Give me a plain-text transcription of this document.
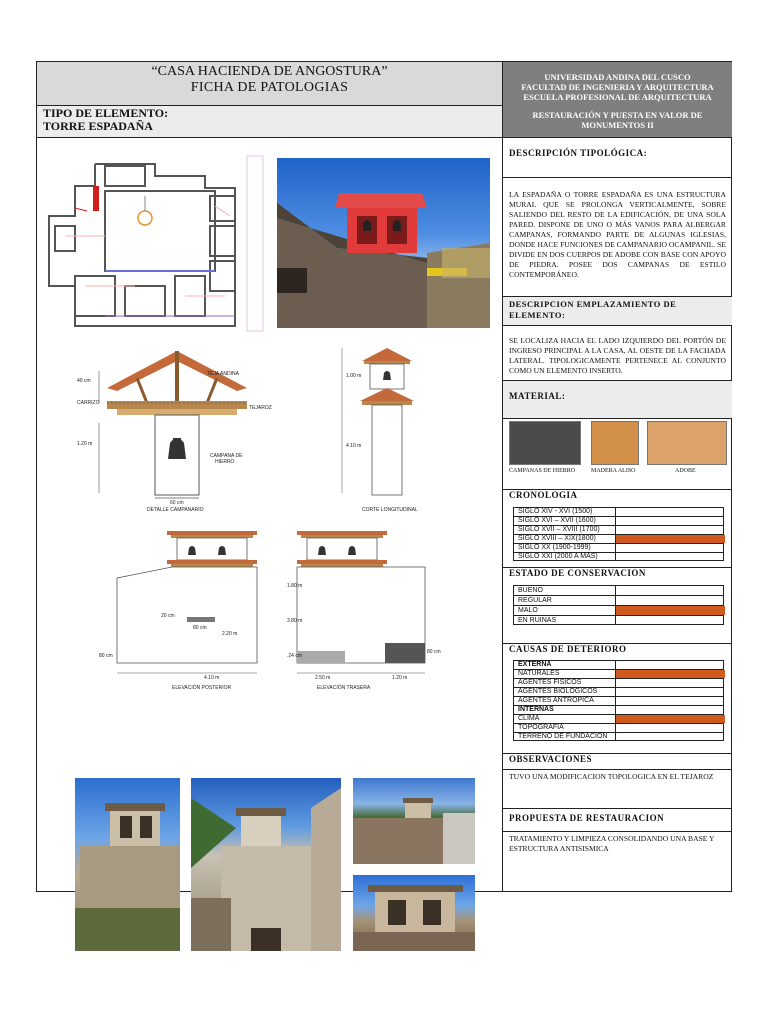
“CASA HACIENDA DE ANGOSTURA”
FICHA DE PATOLOGIAS
UNIVERSIDAD ANDINA DEL CUSCO
FACULTAD DE INGENIERIA Y ARQUITECTURA
ESCUELA PROFESIONAL DE ARQUITECTURA
RESTAURACIÓN Y PUESTA EN VALOR DE
MONUMENTOS II
TIPO DE ELEMENTO:
TORRE ESPADAÑA
TEJA ANDINA
40 cm
CARRIZO
TEJAROZ
1.20 m
CAMPANA DE
HIERRO
60 cm
DETALLE CAMPANARIO
1.00 m
4.10 m
CORTE LONGITUDINAL
20 cm
80 cm
2.20 m
80 cm
4.10 m
ELEVACIÓN POSTERIOR
1.80 m
3.80 m
.24 cm
2.50 m	1.20 m
80 cm
ELEVACIÓN TRASERA
DESCRIPCIÓN TIPOLÓGICA:
LA ESPADAÑA O TORRE ESPADAÑA ES UNA ESTRUCTURA MURAL QUE SE PROLONGA VERTICALMENTE, SOBRE SALIENDO DEL RESTO DE LA EDIFICACIÓN, DE UNA SOLA PARED. DISPONE DE UNO O MÁS VANOS PARA ALBERGAR CAMPANAS, FORMANDO PARTE DE ALGUNAS IGLESIAS, DONDE HACE FUNCIONES DE CAMPANARIO OCAMPANIL. SE DIVIDE EN DOS CUERPOS DE ADOBE CON BASE CON APOYO DE PIEDRA. POSEE DOS CAMPANAS DE ESTILO CONTEMPORÁNEO.
DESCRIPCION EMPLAZAMIENTO DE ELEMENTO:
SE LOCALIZA HACIA EL LADO IZQUIERDO DEL PORTÓN DE INGRESO PRINCIPAL A LA CASA, AL OESTE DE LA FACHADA LATERAL. TIPOLOGICAMENTE PERTENECE AL CONJUNTO COMO UN ELEMENTO INSERTO.
MATERIAL:
CAMPANAS DE HIERRO	MADERA ALISO	ADOBE
CRONOLOGIA
SIGLO XIV - XVI (1500)
SIGLO XVI – XVII (1600)
SIGLO XVII – XVIII (1700)
SIGLO XVIII – XIX(1800)
SIGLO XX (1900-1999)
SIGLO XXI (2000 A MAS)
ESTADO DE CONSERVACION
BUENO
REGULAR
MALO
EN RUINAS
CAUSAS DE DETERIORO
EXTERNA
NATURALES
AGENTES FISICOS
AGENTES BIOLOGICOS
AGENTES ANTROPICA
INTERNAS
CLIMA
TOPOGRAFIA
TERRENO DE FUNDACION
OBSERVACIONES
TUVO UNA MODIFICACION TOPOLOGICA EN EL TEJAROZ
PROPUESTA DE RESTAURACION
TRATAMIENTO Y LIMPIEZA CONSOLIDANDO UNA BASE Y ESTRUCTURA ANTISISMICA
